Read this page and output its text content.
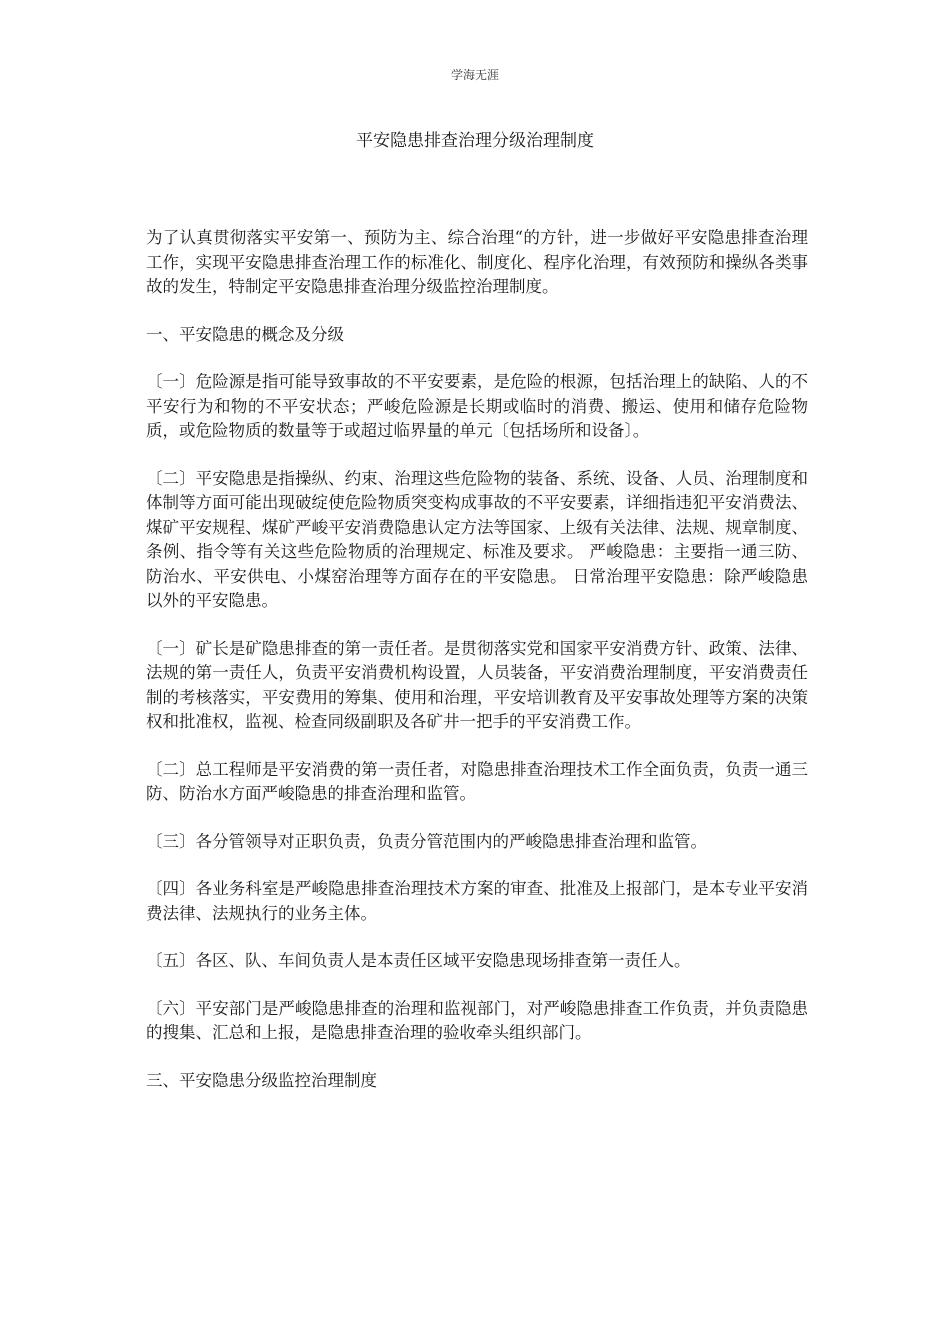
学海无涯
平安隐患排查治理分级治理制度

为了认真贯彻落实平安第一、预防为主、综合治理“的方针，进一步做好平安隐患排查治理工作，实现平安隐患排查治理工作的标准化、制度化、程序化治理，有效预防和操纵各类事故的发生，特制定平安隐患排查治理分级监控治理制度。

一、平安隐患的概念及分级

〔一〕危险源是指可能导致事故的不平安要素，是危险的根源，包括治理上的缺陷、人的不平安行为和物的不平安状态；严峻危险源是长期或临时的消费、搬运、使用和储存危险物质，或危险物质的数量等于或超过临界量的单元〔包括场所和设备〕。

〔二〕平安隐患是指操纵、约束、治理这些危险物的装备、系统、设备、人员、治理制度和体制等方面可能出现破绽使危险物质突变构成事故的不平安要素，详细指违犯平安消费法、煤矿平安规程、煤矿严峻平安消费隐患认定方法等国家、上级有关法律、法规、规章制度、条例、指令等有关这些危险物质的治理规定、标准及要求。 严峻隐患：主要指一通三防、防治水、平安供电、小煤窑治理等方面存在的平安隐患。 日常治理平安隐患：除严峻隐患以外的平安隐患。

〔一〕矿长是矿隐患排查的第一责任者。是贯彻落实党和国家平安消费方针、政策、法律、法规的第一责任人，负责平安消费机构设置，人员装备，平安消费治理制度，平安消费责任制的考核落实，平安费用的筹集、使用和治理，平安培训教育及平安事故处理等方案的决策权和批准权，监视、检查同级副职及各矿井一把手的平安消费工作。

〔二〕总工程师是平安消费的第一责任者，对隐患排查治理技术工作全面负责，负责一通三防、防治水方面严峻隐患的排查治理和监管。

〔三〕各分管领导对正职负责，负责分管范围内的严峻隐患排查治理和监管。

〔四〕各业务科室是严峻隐患排查治理技术方案的审查、批准及上报部门，是本专业平安消费法律、法规执行的业务主体。

〔五〕各区、队、车间负责人是本责任区域平安隐患现场排查第一责任人。

〔六〕平安部门是严峻隐患排查的治理和监视部门，对严峻隐患排查工作负责，并负责隐患的搜集、汇总和上报，是隐患排查治理的验收牵头组织部门。

三、平安隐患分级监控治理制度
